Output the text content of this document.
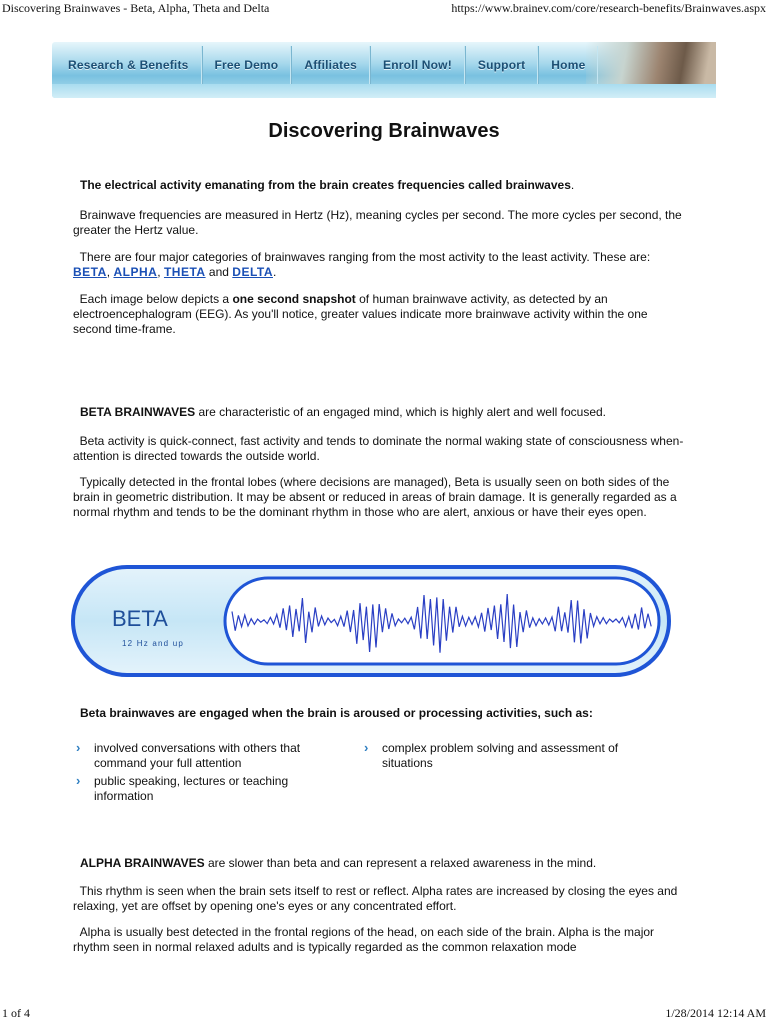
Discovering Brainwaves - Beta, Alpha, Theta and Delta	https://www.brainev.com/core/research-benefits/Brainwaves.aspx
Research & Benefits	Free Demo	Affiliates	Enroll Now!	Support	Home
Discovering Brainwaves
The electrical activity emanating from the brain creates frequencies called brainwaves.
Brainwave frequencies are measured in Hertz (Hz), meaning cycles per second. The more cycles per second, the greater the Hertz value.
There are four major categories of brainwaves ranging from the most activity to the least activity. These are: BETA, ALPHA, THETA and DELTA.
Each image below depicts a one second snapshot of human brainwave activity, as detected by an electroencephalogram (EEG). As you'll notice, greater values indicate more brainwave activity within the one second time-frame.
BETA BRAINWAVES are characteristic of an engaged mind, which is highly alert and well focused.
Beta activity is quick-connect, fast activity and tends to dominate the normal waking state of consciousness when-attention is directed towards the outside world.
Typically detected in the frontal lobes (where decisions are managed), Beta is usually seen on both sides of the brain in geometric distribution. It may be absent or reduced in areas of brain damage. It is generally regarded as a normal rhythm and tends to be the dominant rhythm in those who are alert, anxious or have their eyes open.
BETA
12 Hz and up
Beta brainwaves are engaged when the brain is aroused or processing activities, such as:
› involved conversations with others that command your full attention
› public speaking, lectures or teaching information
› complex problem solving and assessment of situations
ALPHA BRAINWAVES are slower than beta and can represent a relaxed awareness in the mind.
This rhythm is seen when the brain sets itself to rest or reflect. Alpha rates are increased by closing the eyes and relaxing, yet are offset by opening one's eyes or any concentrated effort.
Alpha is usually best detected in the frontal regions of the head, on each side of the brain. Alpha is the major rhythm seen in normal relaxed adults and is typically regarded as the common relaxation mode
1 of 4	1/28/2014 12:14 AM
